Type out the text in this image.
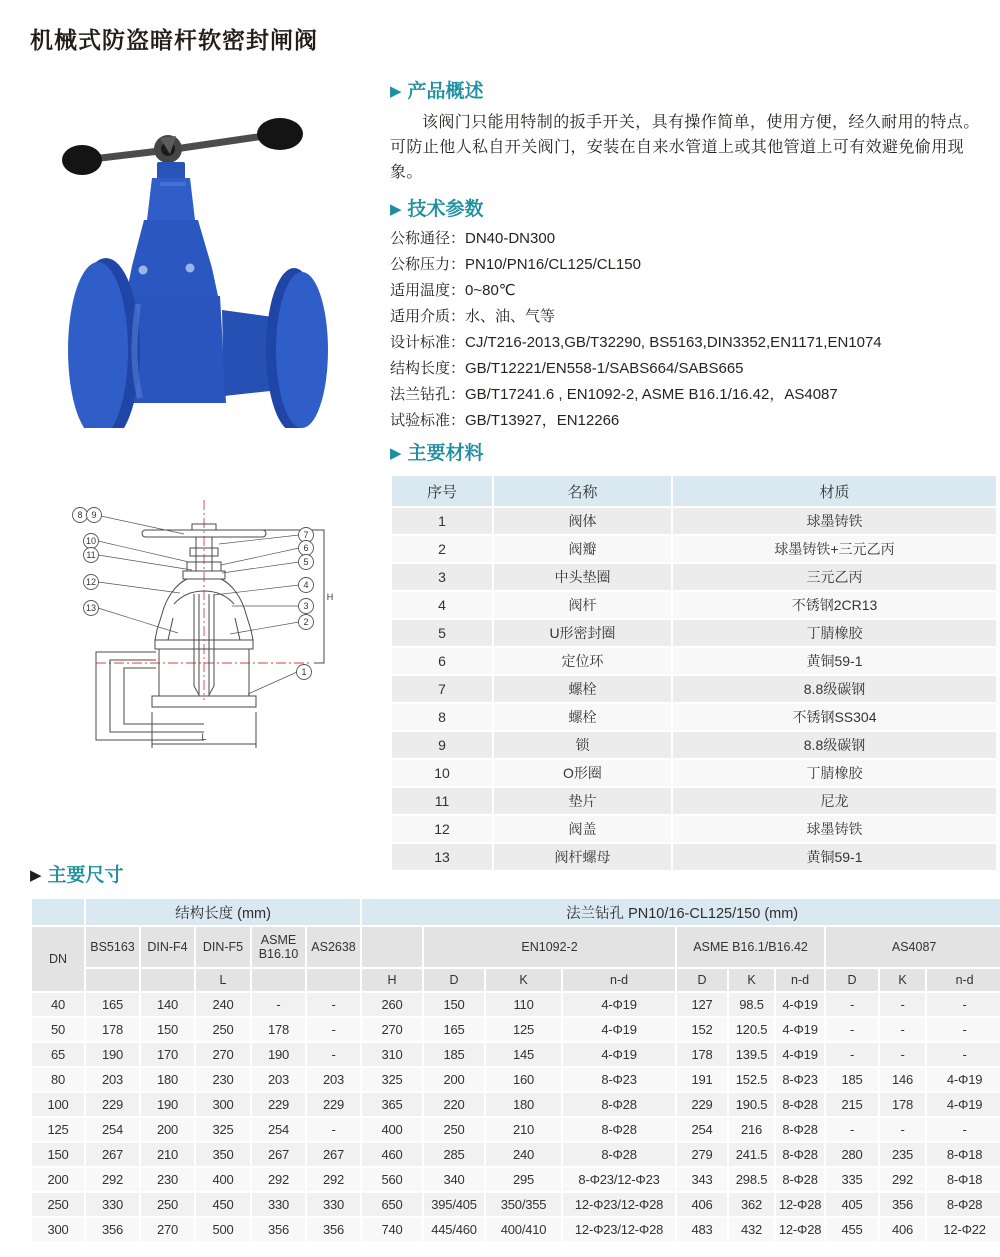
机械式防盗暗杆软密封闸阀
8 9
10
11
12
13
7
6
5
4
3
2
1
L
H
▶ 产品概述

该阀门只能用特制的扳手开关，具有操作简单，使用方便，经久耐用的特点。可防止他人私自开关阀门，安装在自来水管道上或其他管道上可有效避免偷用现象。

▶ 技术参数
公称通径：DN40-DN300
公称压力：PN10/PN16/CL125/CL150
适用温度：0~80℃
适用介质：水、油、气等
设计标准：CJ/T216-2013,GB/T32290, BS5163,DIN3352,EN1171,EN1074
结构长度：GB/T12221/EN558-1/SABS664/SABS665
法兰钻孔：GB/T17241.6 , EN1092-2, ASME B16.1/16.42，AS4087
试验标准：GB/T13927，EN12266
▶ 主要材料
序号	名称	材质
1	阀体	球墨铸铁
2	阀瓣	球墨铸铁+三元乙丙
3	中头垫圈	三元乙丙
4	阀杆	不锈钢2CR13
5	U形密封圈	丁腈橡胶
6	定位环	黄铜59-1
7	螺栓	8.8级碳钢
8	螺栓	不锈钢SS304
9	锁	8.8级碳钢
10	O形圈	丁腈橡胶
11	垫片	尼龙
12	阀盖	球墨铸铁
13	阀杆螺母	黄铜59-1
▶ 主要尺寸
	结构长度 (mm)					法兰钻孔 PN10/16-CL125/150 (mm)									
DN	BS5163	DIN-F4	DIN-F5	ASME B16.10	AS2638		EN1092-2			ASME B16.1/B16.42			AS4087		
			L			H	D	K	n-d	D	K	n-d	D	K	n-d
40	165	140	240	-	-	260	150	110	4-Φ19	127	98.5	4-Φ19	-	-	-
50	178	150	250	178	-	270	165	125	4-Φ19	152	120.5	4-Φ19	-	-	-
65	190	170	270	190	-	310	185	145	4-Φ19	178	139.5	4-Φ19	-	-	-
80	203	180	230	203	203	325	200	160	8-Φ23	191	152.5	8-Φ23	185	146	4-Φ19
100	229	190	300	229	229	365	220	180	8-Φ28	229	190.5	8-Φ28	215	178	4-Φ19
125	254	200	325	254	-	400	250	210	8-Φ28	254	216	8-Φ28	-	-	-
150	267	210	350	267	267	460	285	240	8-Φ28	279	241.5	8-Φ28	280	235	8-Φ18
200	292	230	400	292	292	560	340	295	8-Φ23/12-Φ23	343	298.5	8-Φ28	335	292	8-Φ18
250	330	250	450	330	330	650	395/405	350/355	12-Φ23/12-Φ28	406	362	12-Φ28	405	356	8-Φ28
300	356	270	500	356	356	740	445/460	400/410	12-Φ23/12-Φ28	483	432	12-Φ28	455	406	12-Φ22
